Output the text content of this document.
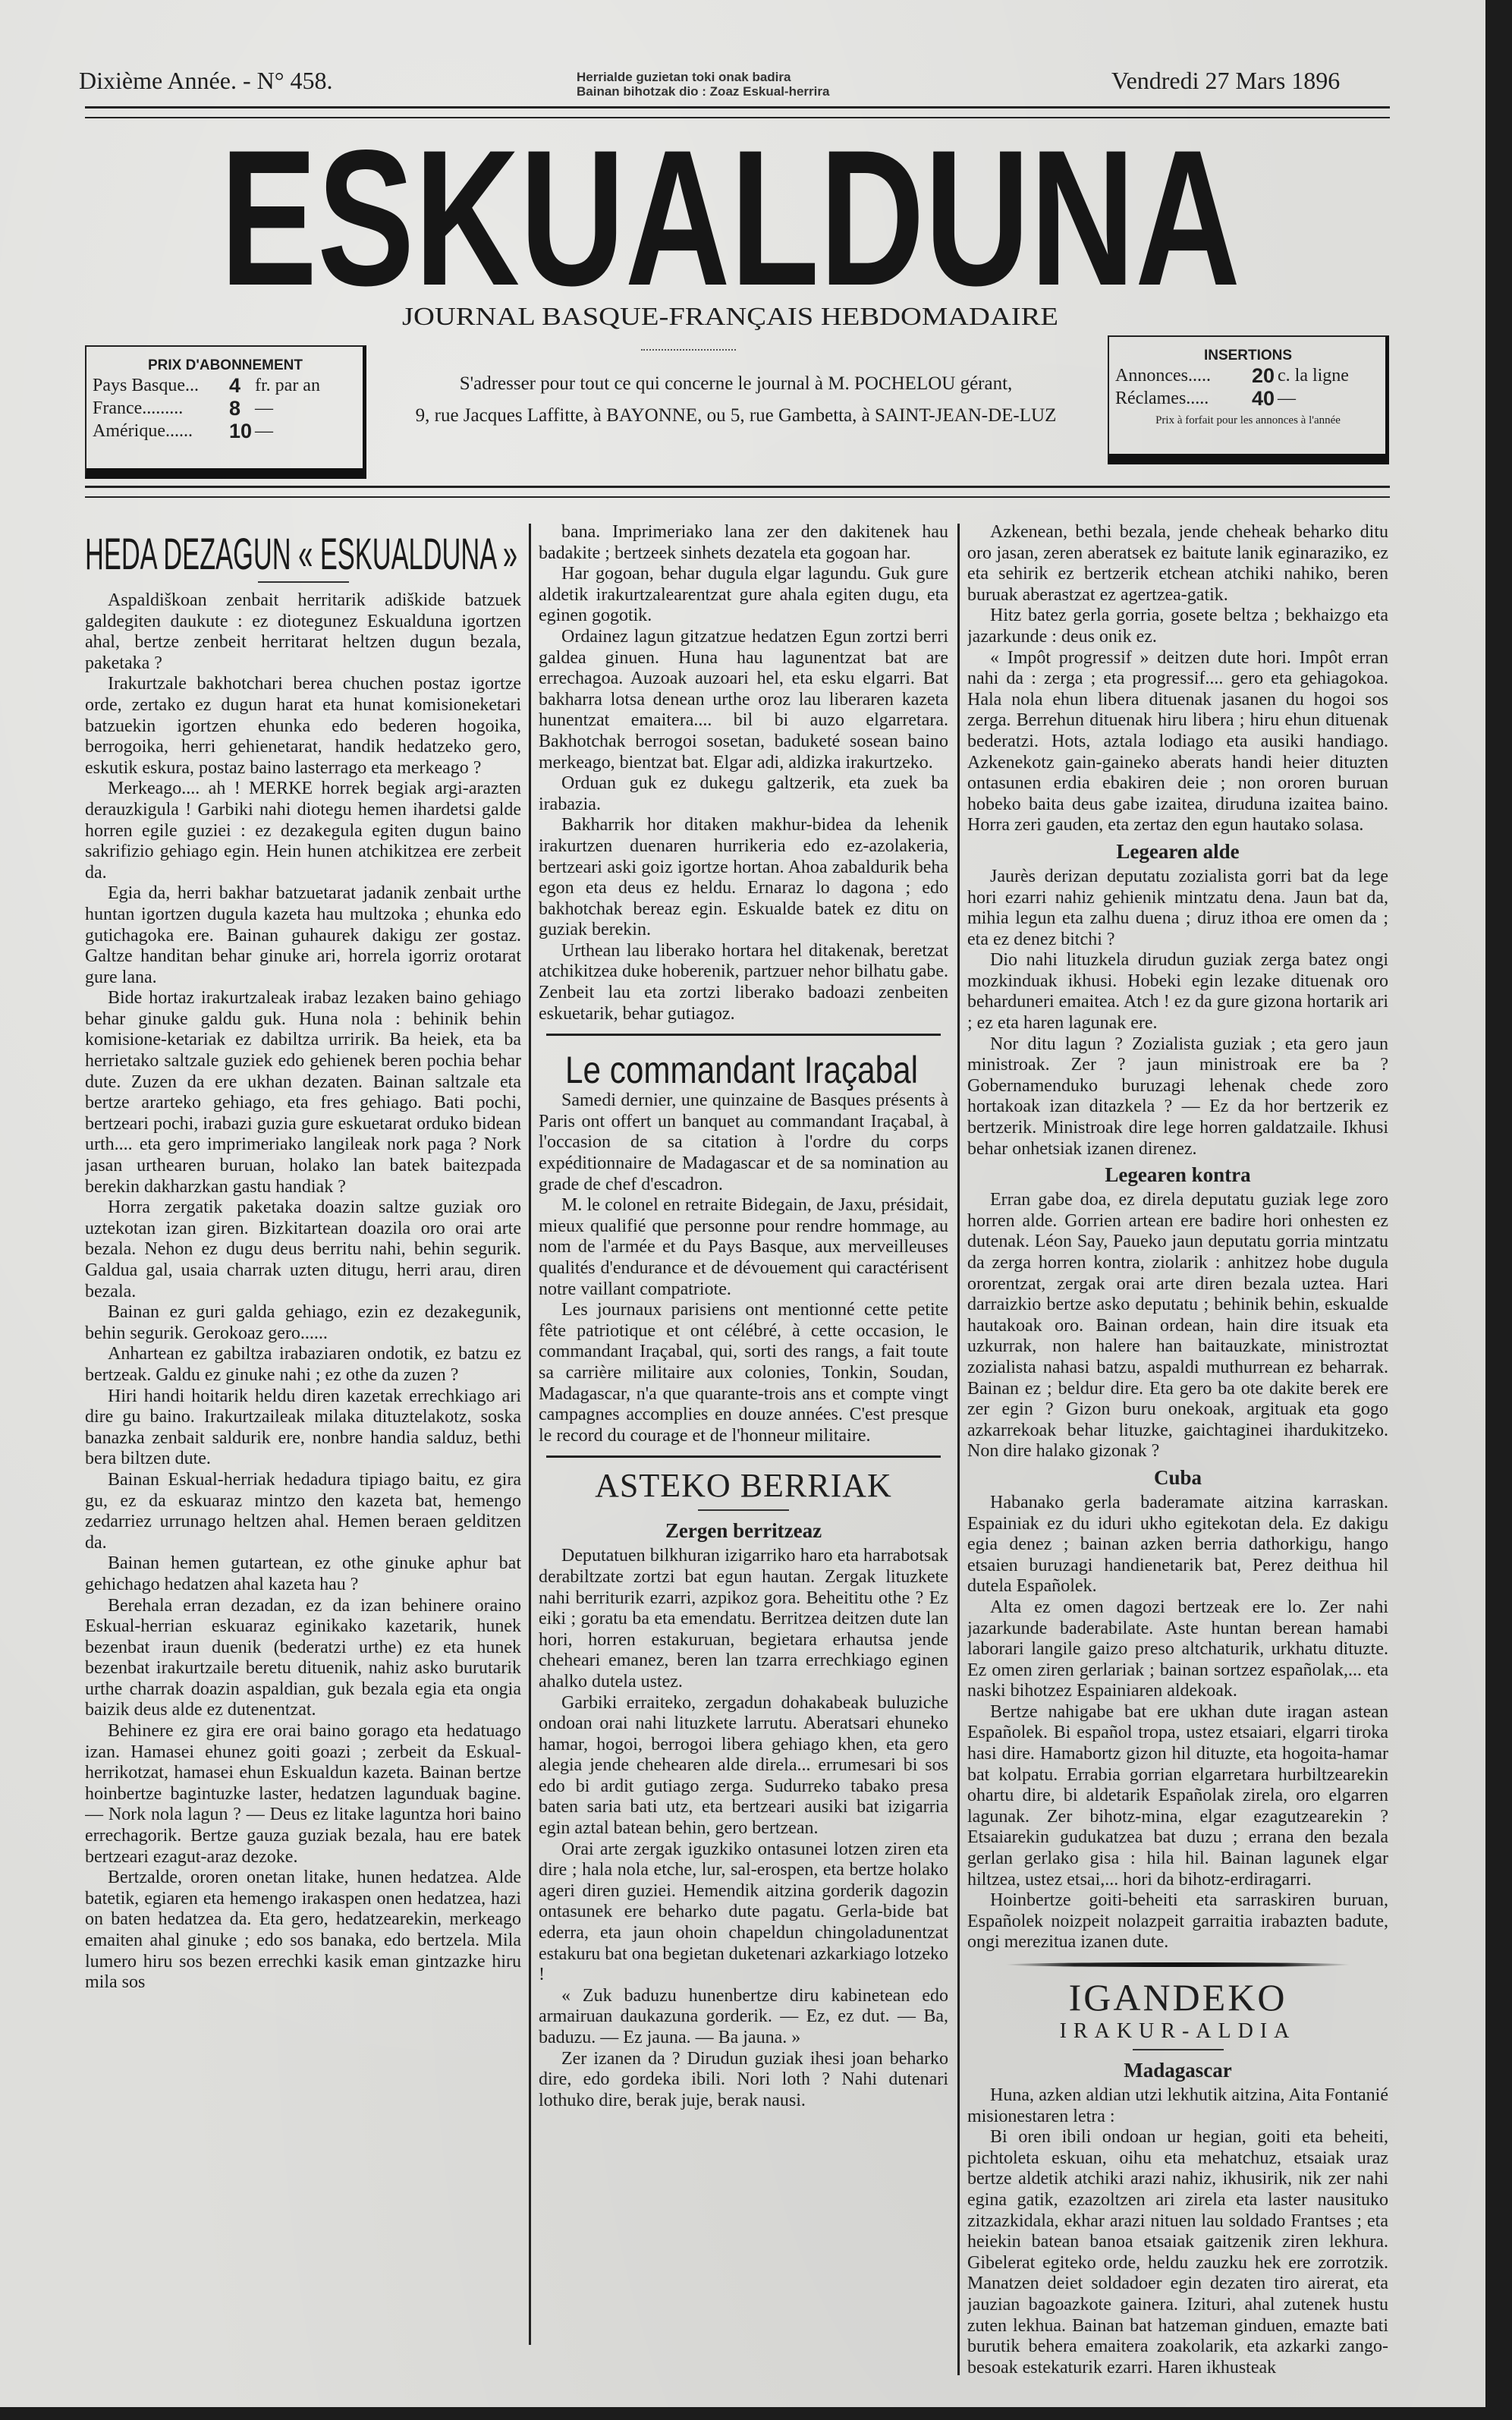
Dixième Année. - N° 458.	Herrialde guzietan toki onak badira
Bainan bihotzak dio : Zoaz Eskual-herrira	Vendredi 27 Mars 1896
ESKUALDUNA
JOURNAL BASQUE-FRANÇAIS HEBDOMADAIRE
PRIX D'ABONNEMENT
Pays Basque...	4 fr. par an
France.........	8 —
Amérique......	10 —
S'adresser pour tout ce qui concerne le journal à M. POCHELOU gérant,
9, rue Jacques Laffitte, à BAYONNE, ou 5, rue Gambetta, à SAINT-JEAN-DE-LUZ
INSERTIONS
Annonces.....	20 c. la ligne
Réclames.....	40 —
Prix à forfait pour les annonces à l'année
HEDA DEZAGUN « ESKUALDUNA »

Aspaldiškoan zenbait herritarik adiškide batzuek galdegiten daukute : ez diotegunez Eskualduna igortzen ahal, bertze zenbeit herritarat heltzen dugun bezala, paketaka ?

Irakurtzale bakhotchari berea chuchen postaz igortze orde, zertako ez dugun harat eta hunat komisioneketari batzuekin igortzen ehunka edo bederen hogoika, berrogoika, herri gehienetarat, handik hedatzeko gero, eskutik eskura, postaz baino lasterrago eta merkeago ?

Merkeago.... ah ! MERKE horrek begiak argi-arazten derauzkigula ! Garbiki nahi diotegu hemen ihardetsi galde horren egile guziei : ez dezakegula egiten dugun baino sakrifizio gehiago egin. Hein hunen atchikitzea ere zerbeit da.

Egia da, herri bakhar batzuetarat jadanik zenbait urthe huntan igortzen dugula kazeta hau multzoka ; ehunka edo gutichagoka ere. Bainan guhaurek dakigu zer gostaz. Galtze handitan behar ginuke ari, horrela igorriz orotarat gure lana.

Bide hortaz irakurtzaleak irabaz lezaken baino gehiago behar ginuke galdu guk. Huna nola : behinik behin komisione-ketariak ez dabiltza urririk. Ba heiek, eta ba herrietako saltzale guziek edo gehienek beren pochia behar dute. Zuzen da ere ukhan dezaten. Bainan saltzale eta bertze ararteko gehiago, eta fres gehiago. Bati pochi, bertzeari pochi, irabazi guzia gure eskuetarat orduko bidean urth.... eta gero imprimeriako langileak nork paga ? Nork jasan urthearen buruan, holako lan batek baitezpada berekin dakharzkan gastu handiak ?

Horra zergatik paketaka doazin saltze guziak oro uztekotan izan giren. Bizkitartean doazila oro orai arte bezala. Nehon ez dugu deus berritu nahi, behin segurik. Galdua gal, usaia charrak uzten ditugu, herri arau, diren bezala.

Bainan ez guri galda gehiago, ezin ez dezakegunik, behin segurik. Gerokoaz gero......

Anhartean ez gabiltza irabaziaren ondotik, ez batzu ez bertzeak. Galdu ez ginuke nahi ; ez othe da zuzen ?

Hiri handi hoitarik heldu diren kazetak errechkiago ari dire gu baino. Irakurtzaileak milaka dituztelakotz, soska banazka zenbait saldurik ere, nonbre handia salduz, bethi bera biltzen dute.

Bainan Eskual-herriak hedadura tipiago baitu, ez gira gu, ez da eskuaraz mintzo den kazeta bat, hemengo zedarriez urrunago heltzen ahal. Hemen beraen gelditzen da.

Bainan hemen gutartean, ez othe ginuke aphur bat gehichago hedatzen ahal kazeta hau ?

Berehala erran dezadan, ez da izan behinere oraino Eskual-herrian eskuaraz eginikako kazetarik, hunek bezenbat iraun duenik (bederatzi urthe) ez eta hunek bezenbat irakurtzaile beretu dituenik, nahiz asko burutarik urthe charrak doazin aspaldian, guk bezala egia eta ongia baizik deus alde ez dutenentzat.

Behinere ez gira ere orai baino gorago eta hedatuago izan. Hamasei ehunez goiti goazi ; zerbeit da Eskual-herrikotzat, hamasei ehun Eskualdun kazeta. Bainan bertze hoinbertze bagintuzke laster, hedatzen lagunduak bagine. — Nork nola lagun ? — Deus ez litake laguntza hori baino errechagorik. Bertze gauza guziak bezala, hau ere batek bertzeari ezagut-araz dezoke.

Bertzalde, ororen onetan litake, hunen hedatzea. Alde batetik, egiaren eta hemengo irakaspen onen hedatzea, hazi on baten hedatzea da. Eta gero, hedatzearekin, merkeago emaiten ahal ginuke ; edo sos banaka, edo bertzela. Mila lumero hiru sos bezen errechki kasik eman gintzazke hiru mila sos

bana. Imprimeriako lana zer den dakitenek hau badakite ; bertzeek sinhets dezatela eta gogoan har.

Har gogoan, behar dugula elgar lagundu. Guk gure aldetik irakurtzalearentzat gure ahala egiten dugu, eta eginen gogotik.

Ordainez lagun gitzatzue hedatzen Egun zortzi berri galdea ginuen. Huna hau lagunentzat bat are errechagoa. Auzoak auzoari hel, eta esku elgarri. Bat bakharra lotsa denean urthe oroz lau liberaren kazeta hunentzat emaitera.... bil bi auzo elgarretara. Bakhotchak berrogoi sosetan, baduketé sosean baino merkeago, bientzat bat. Elgar adi, aldizka irakurtzeko.

Orduan guk ez dukegu galtzerik, eta zuek ba irabazia.

Bakharrik hor ditaken makhur-bidea da lehenik irakurtzen duenaren hurrikeria edo ez-azolakeria, bertzeari aski goiz igortze hortan. Ahoa zabaldurik beha egon eta deus ez heldu. Ernaraz lo dagona ; edo bakhotchak bereaz egin. Eskualde batek ez ditu on guziak berekin.

Urthean lau liberako hortara hel ditakenak, beretzat atchikitzea duke hoberenik, partzuer nehor bilhatu gabe. Zenbeit lau eta zortzi liberako badoazi zenbeiten eskuetarik, behar gutiagoz.

Le commandant Iraçabal

Samedi dernier, une quinzaine de Basques présents à Paris ont offert un banquet au commandant Iraçabal, à l'occasion de sa citation à l'ordre du corps expéditionnaire de Madagascar et de sa nomination au grade de chef d'escadron.

M. le colonel en retraite Bidegain, de Jaxu, présidait, mieux qualifié que personne pour rendre hommage, au nom de l'armée et du Pays Basque, aux merveilleuses qualités d'endurance et de dévouement qui caractérisent notre vaillant compatriote.

Les journaux parisiens ont mentionné cette petite fête patriotique et ont célébré, à cette occasion, le commandant Iraçabal, qui, sorti des rangs, a fait toute sa carrière militaire aux colonies, Tonkin, Soudan, Madagascar, n'a que quarante-trois ans et compte vingt campagnes accomplies en douze années. C'est presque le record du courage et de l'honneur militaire.

ASTEKO BERRIAK
Zergen berritzeaz

Deputatuen bilkhuran izigarriko haro eta harrabotsak derabiltzate zortzi bat egun hautan. Zergak lituzkete nahi berriturik ezarri, azpikoz gora. Beheititu othe ? Ez eiki ; goratu ba eta emendatu. Berritzea deitzen dute lan hori, horren estakuruan, begietara erhautsa jende cheheari emanez, beren lan tzarra errechkiago eginen ahalko dutela ustez.

Garbiki erraiteko, zergadun dohakabeak buluziche ondoan orai nahi lituzkete larrutu. Aberatsari ehuneko hamar, hogoi, berrogoi libera gehiago khen, eta gero alegia jende chehearen alde direla... errumesari bi sos edo bi ardit gutiago zerga. Sudurreko tabako presa baten saria bati utz, eta bertzeari ausiki bat izigarria egin aztal batean behin, gero bertzean.

Orai arte zergak iguzkiko ontasunei lotzen ziren eta dire ; hala nola etche, lur, sal-erospen, eta bertze holako ageri diren guziei. Hemendik aitzina gorderik dagozin ontasunek ere beharko dute pagatu. Gerla-bide bat ederra, eta jaun ohoin chapeldun chingoladunentzat estakuru bat ona begietan duketenari azkarkiago lotzeko !

« Zuk baduzu hunenbertze diru kabinetean edo armairuan daukazuna gorderik. — Ez, ez dut. — Ba, baduzu. — Ez jauna. — Ba jauna. »

Zer izanen da ? Dirudun guziak ihesi joan beharko dire, edo gordeka ibili. Nori loth ? Nahi dutenari lothuko dire, berak juje, berak nausi.

Azkenean, bethi bezala, jende cheheak beharko ditu oro jasan, zeren aberatsek ez baitute lanik eginaraziko, ez eta sehirik ez bertzerik etchean atchiki nahiko, beren buruak aberastzat ez agertzea-gatik.

Hitz batez gerla gorria, gosete beltza ; bekhaizgo eta jazarkunde : deus onik ez.

« Impôt progressif » deitzen dute hori. Impôt erran nahi da : zerga ; eta progressif.... gero eta gehiagokoa. Hala nola ehun libera dituenak jasanen du hogoi sos zerga. Berrehun dituenak hiru libera ; hiru ehun dituenak bederatzi. Hots, aztala lodiago eta ausiki handiago. Azkenekotz gain-gaineko aberats handi heier dituzten ontasunen erdia ebakiren deie ; non ororen buruan hobeko baita deus gabe izaitea, diruduna izaitea baino. Horra zeri gauden, eta zertaz den egun hautako solasa.

Legearen alde

Jaurès derizan deputatu zozialista gorri bat da lege hori ezarri nahiz gehienik mintzatu dena. Jaun bat da, mihia legun eta zalhu duena ; diruz ithoa ere omen da ; eta ez denez bitchi ?

Dio nahi lituzkela dirudun guziak zerga batez ongi mozkinduak ikhusi. Hobeki egin lezake dituenak oro beharduneri emaitea. Atch ! ez da gure gizona hortarik ari ; ez eta haren lagunak ere.

Nor ditu lagun ? Zozialista guziak ; eta gero jaun ministroak. Zer ? jaun ministroak ere ba ? Gobernamenduko buruzagi lehenak chede zoro hortakoak izan ditazkela ? — Ez da hor bertzerik ez bertzerik. Ministroak dire lege horren galdatzaile. Ikhusi behar onhetsiak izanen direnez.

Legearen kontra

Erran gabe doa, ez direla deputatu guziak lege zoro horren alde. Gorrien artean ere badire hori onhesten ez dutenak. Léon Say, Paueko jaun deputatu gorria mintzatu da zerga horren kontra, ziolarik : anhitzez hobe dugula ororentzat, zergak orai arte diren bezala uztea. Hari darraizkio bertze asko deputatu ; behinik behin, eskualde hautakoak oro. Bainan ordean, hain dire itsuak eta uzkurrak, non halere han baitauzkate, ministroztat zozialista nahasi batzu, aspaldi muthurrean ez beharrak. Bainan ez ; beldur dire. Eta gero ba ote dakite berek ere zer egin ? Gizon buru onekoak, argituak eta gogo azkarrekoak behar lituzke, gaichtaginei ihardukitzeko. Non dire halako gizonak ?

Cuba

Habanako gerla baderamate aitzina karraskan. Espainiak ez du iduri ukho egitekotan dela. Ez dakigu egia denez ; bainan azken berria dathorkigu, hango etsaien buruzagi handienetarik bat, Perez deithua hil dutela Españolek.

Alta ez omen dagozi bertzeak ere lo. Zer nahi jazarkunde baderabilate. Aste huntan berean hamabi laborari langile gaizo preso altchaturik, urkhatu dituzte. Ez omen ziren gerlariak ; bainan sortzez españolak,... eta naski bihotzez Espainiaren aldekoak.

Bertze nahigabe bat ere ukhan dute iragan astean Españolek. Bi español tropa, ustez etsaiari, elgarri tiroka hasi dire. Hamabortz gizon hil dituzte, eta hogoita-hamar bat kolpatu. Errabia gorrian elgarretara hurbiltzearekin ohartu dire, bi aldetarik Españolak zirela, oro elgarren lagunak. Zer bihotz-mina, elgar ezagutzearekin ? Etsaiarekin gudukatzea bat duzu ; errana den bezala gerlan gerlako gisa : hila hil. Bainan lagunek elgar hiltzea, ustez etsai,... hori da bihotz-erdiragarri.

Hoinbertze goiti-beheiti eta sarraskiren buruan, Españolek noizpeit nolazpeit garraitia irabazten badute, ongi merezitua izanen dute.

IGANDEKO
IRAKUR-ALDIA
Madagascar

Huna, azken aldian utzi lekhutik aitzina, Aita Fontanié misionestaren letra :

Bi oren ibili ondoan ur hegian, goiti eta beheiti, pichtoleta eskuan, oihu eta mehatchuz, etsaiak uraz bertze aldetik atchiki arazi nahiz, ikhusirik, nik zer nahi egina gatik, ezazoltzen ari zirela eta laster nausituko zitzazkidala, ekhar arazi nituen lau soldado Frantses ; eta heiekin batean banoa etsaiak gaitzenik ziren lekhura. Gibelerat egiteko orde, heldu zauzku hek ere zorrotzik. Manatzen deiet soldadoer egin dezaten tiro airerat, eta jauzian bagoazkote gainera. Izituri, ahal zutenek hustu zuten lekhua. Bainan bat hatzeman ginduen, emazte bati burutik behera emaitera zoakolarik, eta azkarki zango-besoak estekaturik ezarri. Haren ikhusteak
